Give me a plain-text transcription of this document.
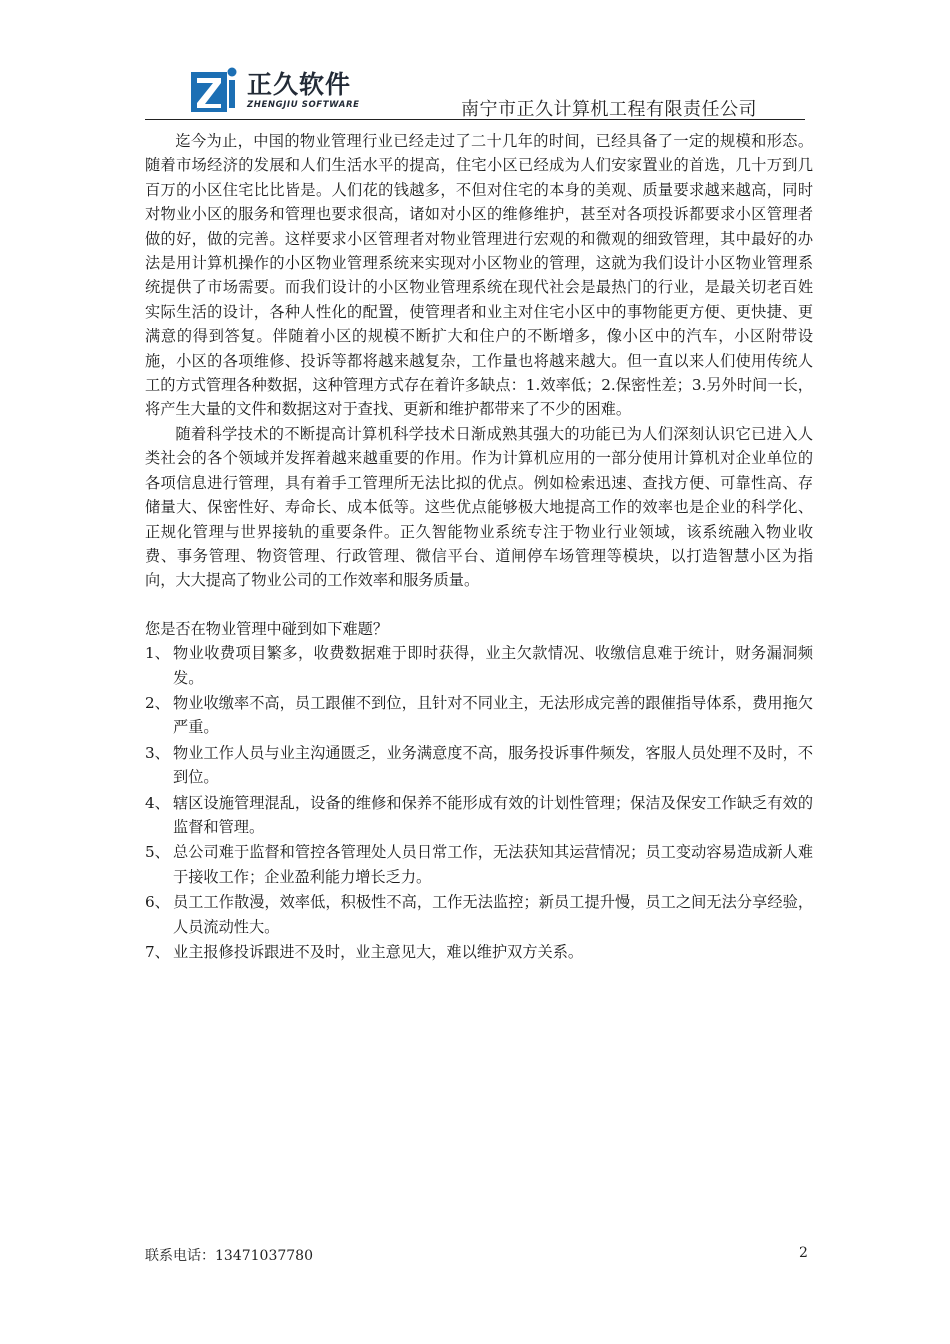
正久软件
ZHENGJIU SOFTWARE	南宁市正久计算机工程有限责任公司

迄今为止，中国的物业管理行业已经走过了二十几年的时间，已经具备了一定的规模和形态。随着市场经济的发展和人们生活水平的提高，住宅小区已经成为人们安家置业的首选，几十万到几百万的小区住宅比比皆是。人们花的钱越多，不但对住宅的本身的美观、质量要求越来越高，同时对物业小区的服务和管理也要求很高，诸如对小区的维修维护，甚至对各项投诉都要求小区管理者做的好，做的完善。这样要求小区管理者对物业管理进行宏观的和微观的细致管理，其中最好的办法是用计算机操作的小区物业管理系统来实现对小区物业的管理，这就为我们设计小区物业管理系统提供了市场需要。而我们设计的小区物业管理系统在现代社会是最热门的行业，是最关切老百姓实际生活的设计，各种人性化的配置，使管理者和业主对住宅小区中的事物能更方便、更快捷、更满意的得到答复。伴随着小区的规模不断扩大和住户的不断增多，像小区中的汽车，小区附带设施，小区的各项维修、投诉等都将越来越复杂，工作量也将越来越大。但一直以来人们使用传统人工的方式管理各种数据，这种管理方式存在着许多缺点：1.效率低；2.保密性差；3.另外时间一长，将产生大量的文件和数据这对于查找、更新和维护都带来了不少的困难。

随着科学技术的不断提高计算机科学技术日渐成熟其强大的功能已为人们深刻认识它已进入人类社会的各个领域并发挥着越来越重要的作用。作为计算机应用的一部分使用计算机对企业单位的各项信息进行管理，具有着手工管理所无法比拟的优点。例如检索迅速、查找方便、可靠性高、存储量大、保密性好、寿命长、成本低等。这些优点能够极大地提高工作的效率也是企业的科学化、正规化管理与世界接轨的重要条件。正久智能物业系统专注于物业行业领域，该系统融入物业收费、事务管理、物资管理、行政管理、微信平台、道闸停车场管理等模块，以打造智慧小区为指向，大大提高了物业公司的工作效率和服务质量。

您是否在物业管理中碰到如下难题？

1、 物业收费项目繁多，收费数据难于即时获得，业主欠款情况、收缴信息难于统计，财务漏洞频发。
2、 物业收缴率不高，员工跟催不到位，且针对不同业主，无法形成完善的跟催指导体系，费用拖欠严重。
3、 物业工作人员与业主沟通匮乏，业务满意度不高，服务投诉事件频发，客服人员处理不及时，不到位。
4、 辖区设施管理混乱，设备的维修和保养不能形成有效的计划性管理；保洁及保安工作缺乏有效的监督和管理。
5、 总公司难于监督和管控各管理处人员日常工作，无法获知其运营情况；员工变动容易造成新人难于接收工作；企业盈利能力增长乏力。
6、 员工工作散漫，效率低，积极性不高，工作无法监控；新员工提升慢，员工之间无法分享经验，人员流动性大。
7、 业主报修投诉跟进不及时，业主意见大，难以维护双方关系。
联系电话：13471037780	2
